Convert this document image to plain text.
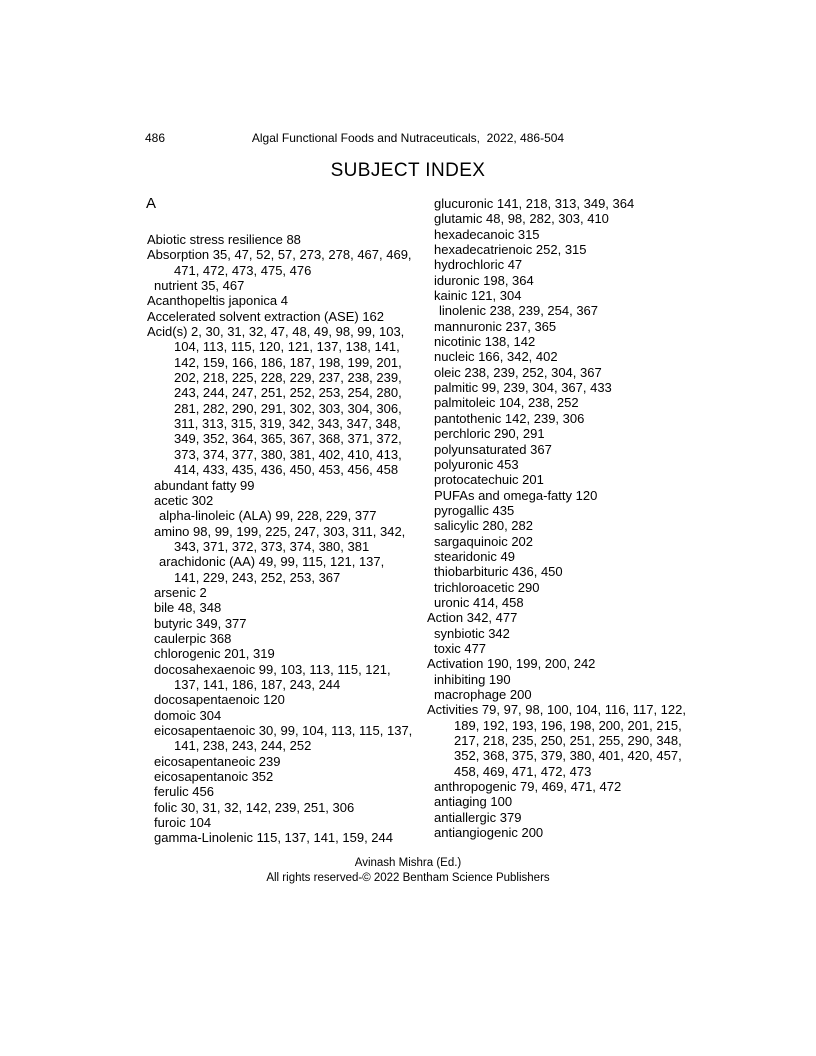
486	Algal Functional Foods and Nutraceuticals,  2022, 486-504
SUBJECT INDEX
A
Abiotic stress resilience 88
Absorption 35, 47, 52, 57, 273, 278, 467, 469,
471, 472, 473, 475, 476
nutrient 35, 467
Acanthopeltis japonica 4
Accelerated solvent extraction (ASE) 162
Acid(s) 2, 30, 31, 32, 47, 48, 49, 98, 99, 103,
104, 113, 115, 120, 121, 137, 138, 141,
142, 159, 166, 186, 187, 198, 199, 201,
202, 218, 225, 228, 229, 237, 238, 239,
243, 244, 247, 251, 252, 253, 254, 280,
281, 282, 290, 291, 302, 303, 304, 306,
311, 313, 315, 319, 342, 343, 347, 348,
349, 352, 364, 365, 367, 368, 371, 372,
373, 374, 377, 380, 381, 402, 410, 413,
414, 433, 435, 436, 450, 453, 456, 458
abundant fatty 99
acetic 302
alpha-linoleic (ALA) 99, 228, 229, 377
amino 98, 99, 199, 225, 247, 303, 311, 342,
343, 371, 372, 373, 374, 380, 381
arachidonic (AA) 49, 99, 115, 121, 137,
141, 229, 243, 252, 253, 367
arsenic 2
bile 48, 348
butyric 349, 377
caulerpic 368
chlorogenic 201, 319
docosahexaenoic 99, 103, 113, 115, 121,
137, 141, 186, 187, 243, 244
docosapentaenoic 120
domoic 304
eicosapentaenoic 30, 99, 104, 113, 115, 137,
141, 238, 243, 244, 252
eicosapentaneoic 239
eicosapentanoic 352
ferulic 456
folic 30, 31, 32, 142, 239, 251, 306
furoic 104
gamma-Linolenic 115, 137, 141, 159, 244
glucuronic 141, 218, 313, 349, 364
glutamic 48, 98, 282, 303, 410
hexadecanoic 315
hexadecatrienoic 252, 315
hydrochloric 47
iduronic 198, 364
kainic 121, 304
linolenic 238, 239, 254, 367
mannuronic 237, 365
nicotinic 138, 142
nucleic 166, 342, 402
oleic 238, 239, 252, 304, 367
palmitic 99, 239, 304, 367, 433
palmitoleic 104, 238, 252
pantothenic 142, 239, 306
perchloric 290, 291
polyunsaturated 367
polyuronic 453
protocatechuic 201
PUFAs and omega-fatty 120
pyrogallic 435
salicylic 280, 282
sargaquinoic 202
stearidonic 49
thiobarbituric 436, 450
trichloroacetic 290
uronic 414, 458
Action 342, 477
synbiotic 342
toxic 477
Activation 190, 199, 200, 242
inhibiting 190
macrophage 200
Activities 79, 97, 98, 100, 104, 116, 117, 122,
189, 192, 193, 196, 198, 200, 201, 215,
217, 218, 235, 250, 251, 255, 290, 348,
352, 368, 375, 379, 380, 401, 420, 457,
458, 469, 471, 472, 473
anthropogenic 79, 469, 471, 472
antiaging 100
antiallergic 379
antiangiogenic 200
Avinash Mishra (Ed.)
All rights reserved-© 2022 Bentham Science Publishers
